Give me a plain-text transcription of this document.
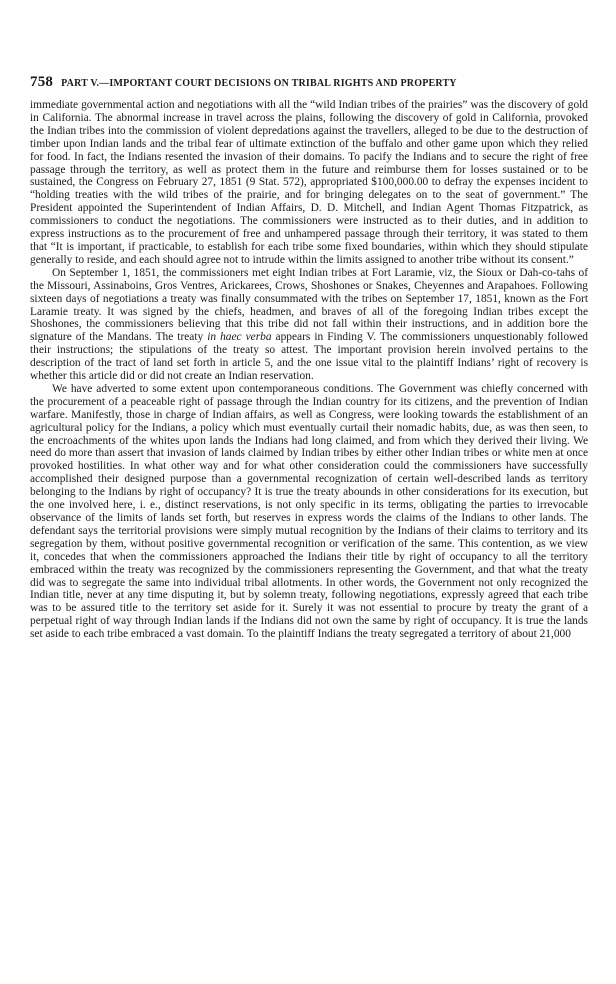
758 PART V.—IMPORTANT COURT DECISIONS ON TRIBAL RIGHTS AND PROPERTY

immediate governmental action and negotiations with all the “wild Indian tribes of the prairies” was the discovery of gold in California. The abnormal increase in travel across the plains, following the discovery of gold in California, provoked the Indian tribes into the commission of violent depredations against the travellers, alleged to be due to the destruction of timber upon Indian lands and the tribal fear of ultimate extinction of the buffalo and other game upon which they relied for food. In fact, the Indians resented the invasion of their domains. To pacify the Indians and to secure the right of free passage through the territory, as well as protect them in the future and reimburse them for losses sustained or to be sustained, the Congress on February 27, 1851 (9 Stat. 572), appropriated $100,000.00 to defray the expenses incident to “holding treaties with the wild tribes of the prairie, and for bringing delegates on to the seat of government.” The President appointed the Superintendent of Indian Affairs, D. D. Mitchell, and Indian Agent Thomas Fitzpatrick, as commissioners to conduct the negotiations. The commissioners were instructed as to their duties, and in addition to express instructions as to the procurement of free and unhampered passage through their territory, it was stated to them that “It is important, if practicable, to establish for each tribe some fixed boundaries, within which they should stipulate generally to reside, and each should agree not to intrude within the limits assigned to another tribe without its consent.”

On September 1, 1851, the commissioners met eight Indian tribes at Fort Laramie, viz, the Sioux or Dah-co-tahs of the Missouri, Assinaboins, Gros Ventres, Arickarees, Crows, Shoshones or Snakes, Cheyennes and Arapahoes. Following sixteen days of negotiations a treaty was finally consummated with the tribes on September 17, 1851, known as the Fort Laramie treaty. It was signed by the chiefs, headmen, and braves of all of the foregoing Indian tribes except the Shoshones, the commissioners believing that this tribe did not fall within their instructions, and in addition bore the signature of the Mandans. The treaty in haec verba appears in Finding V. The commissioners unquestionably followed their instructions; the stipulations of the treaty so attest. The important provision herein involved pertains to the description of the tract of land set forth in article 5, and the one issue vital to the plaintiff Indians’ right of recovery is whether this article did or did not create an Indian reservation.

We have adverted to some extent upon contemporaneous conditions. The Government was chiefly concerned with the procurement of a peaceable right of passage through the Indian country for its citizens, and the prevention of Indian warfare. Manifestly, those in charge of Indian affairs, as well as Congress, were looking towards the establishment of an agricultural policy for the Indians, a policy which must eventually curtail their nomadic habits, due, as was then seen, to the encroachments of the whites upon lands the Indians had long claimed, and from which they derived their living. We need do more than assert that invasion of lands claimed by Indian tribes by either other Indian tribes or white men at once provoked hostilities. In what other way and for what other consideration could the commissioners have successfully accomplished their designed purpose than a governmental recognization of certain well-described lands as territory belonging to the Indians by right of occupancy? It is true the treaty abounds in other considerations for its execution, but the one involved here, i. e., distinct reservations, is not only specific in its terms, obligating the parties to irrevocable observance of the limits of lands set forth, but reserves in express words the claims of the Indians to other lands. The defendant says the territorial provisions were simply mutual recognition by the Indians of their claims to territory and its segregation by them, without positive governmental recognition or verification of the same. This contention, as we view it, concedes that when the commissioners approached the Indians their title by right of occupancy to all the territory embraced within the treaty was recognized by the commissioners representing the Government, and that what the treaty did was to segregate the same into individual tribal allotments. In other words, the Government not only recognized the Indian title, never at any time disputing it, but by solemn treaty, following negotiations, expressly agreed that each tribe was to be assured title to the territory set aside for it. Surely it was not essential to procure by treaty the grant of a perpetual right of way through Indian lands if the Indians did not own the same by right of occupancy. It is true the lands set aside to each tribe embraced a vast domain. To the plaintiff Indians the treaty segregated a territory of about 21,000
